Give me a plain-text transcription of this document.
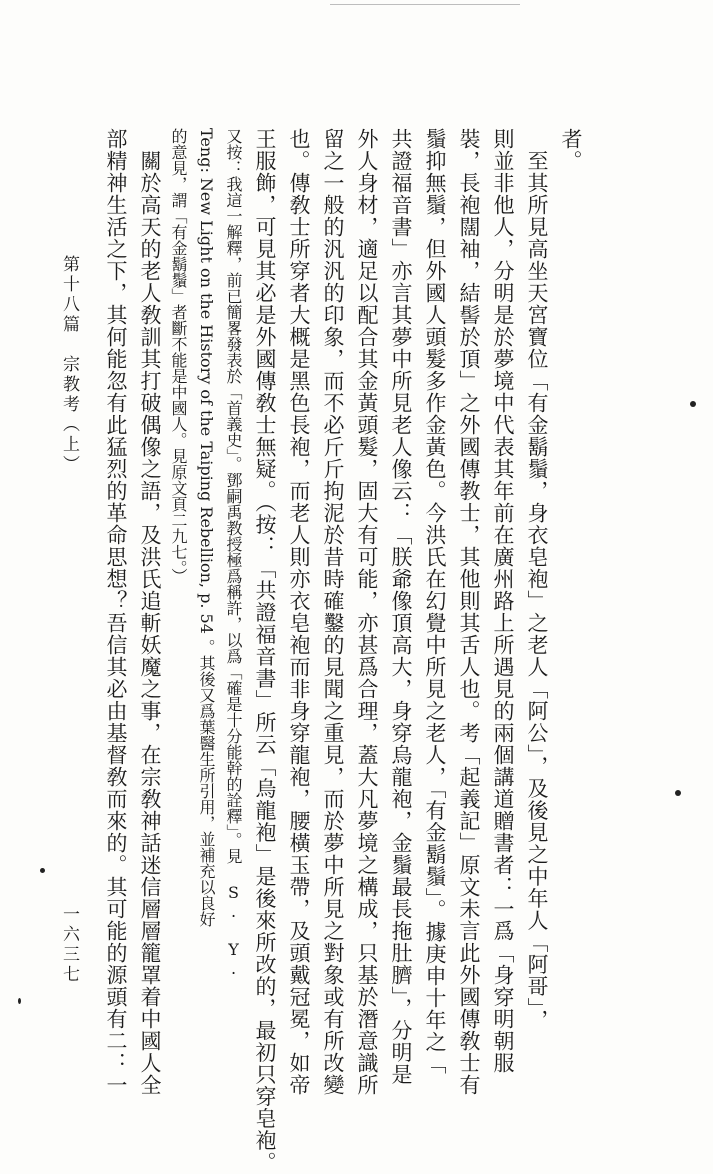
者。
　至其所見高坐天宮寶位「有金鬍鬚，身衣皂袍」之老人「阿公」，及後見之中年人「阿哥」，
則並非他人，分明是於夢境中代表其年前在廣州路上所遇見的兩個講道贈書者：一爲「身穿明朝服
裝，長袍闊袖，結髻於頂」之外國傳教士，其他則其舌人也。考「起義記」原文未言此外國傳敎士有
鬚抑無鬚，但外國人頭髮多作金黃色。今洪氏在幻覺中所見之老人，「有金鬍鬚」。據庚申十年之「
共證福音書」亦言其夢中所見老人像云：「朕爺像頂高大，身穿烏龍袍，金鬚最長拖肚臍」，分明是
外人身材，適足以配合其金黃頭髮，固大有可能，亦甚爲合理，蓋大凡夢境之構成，只基於潛意識所
留之一般的汎汎的印象，而不必斤斤拘泥於昔時確鑿的見聞之重見，而於夢中所見之對象或有所改變
也。傳敎士所穿者大概是黑色長袍，而老人則亦衣皂袍而非身穿龍袍，腰橫玉帶，及頭戴冠冕，如帝
王服飾，可見其必是外國傳敎士無疑。（按：「共證福音書」所云「烏龍袍」是後來所改的，最初只穿皂袍。
又按：我這一解釋，前已簡畧發表於「首義史」。鄧嗣禹教授極爲稱許，以爲「確是十分能幹的詮釋」。見 S. Y.
Teng: New Light on the History of the Taiping Rebellion, p. 54 。其後又爲葉醫生所引用，並補充以良好
的意見，謂「有金鬍鬚」者斷不能是中國人。見原文頁二九七。）
　關於高天的老人敎訓其打破偶像之語，及洪氏追斬妖魔之事，在宗敎神話迷信層層籠罩着中國人全
部精神生活之下，其何能忽有此猛烈的革命思想？吾信其必由基督敎而來的。其可能的源頭有二：一
第十八篇　宗教考（上）
一六三七
